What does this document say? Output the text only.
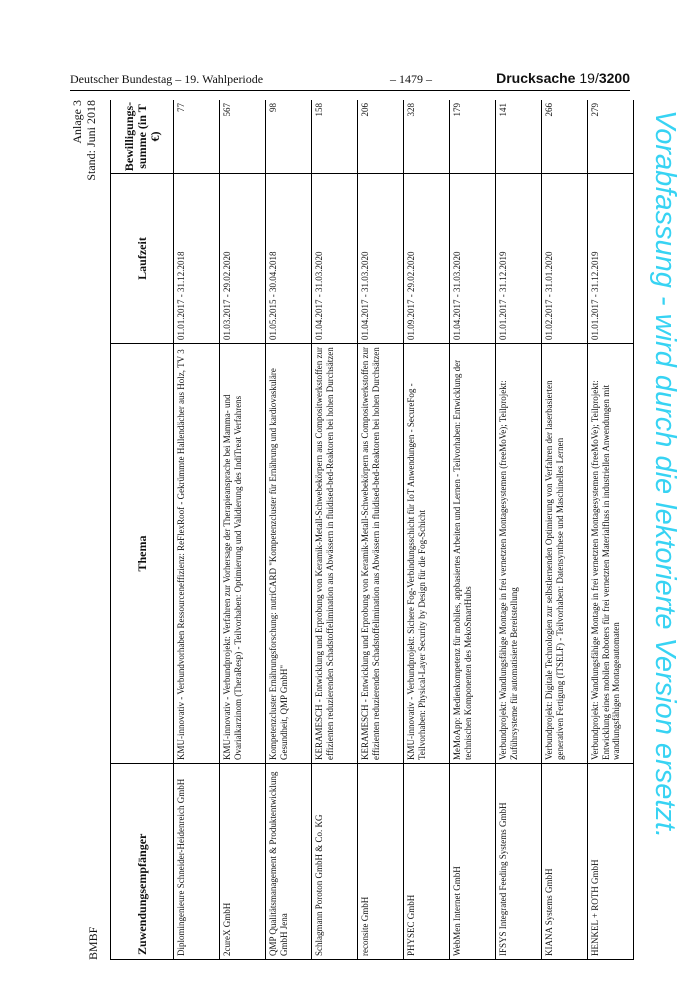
Deutscher Bundestag – 19. Wahlperiode	– 1479 –	Drucksache 19/3200
Anlage 3 Stand: Juni 2018
BMBF	Zuwendungsempfänger	Thema	Laufzeit	Bewilligungs-summe (in T €)
Diplomingenieure Schneider-Heidenreich GmbH	KMU-innovativ - Verbundvorhaben Ressourceneffizienz: ReFlexRoof - Gekrümmte Hallendächer aus Holz, TV 3	01.01.2017 - 31.12.2018	77
2cureX GmbH	KMU-innovativ - Verbundprojekt: Verfahren zur Vorhersage der Therapieansprache bei Mamma- und Ovarialkarzinom (TheraResp) - Teilvorhaben: Optimierung und Validierung des IndiTreat Verfahrens	01.03.2017 - 29.02.2020	567
QMP Qualitätsmanagement & Produktentwicklung GmbH Jena	Kompetenzcluster Ernährungsforschung: nutriCARD "Kompetenzcluster für Ernährung und kardiovaskuläre Gesundheit, QMP GmbH"	01.05.2015 - 30.04.2018	98
Schlagmann Poroton GmbH & Co. KG	KERAMESCH - Entwicklung und Erprobung von Keramik-Metall-Schwebekörpern aus Compositwerkstoffen zur effizienten reduzierenden Schadstoffelimination aus Abwässern in fluidised-bed-Reaktoren bei hohen Durchsätzen	01.04.2017 - 31.03.2020	158
reconsite GmbH	KERAMESCH - Entwicklung und Erprobung von Keramik-Metall-Schwebekörpern aus Compositwerkstoffen zur effizienten reduzierenden Schadstoffelimination aus Abwässern in fluidised-bed-Reaktoren bei hohen Durchsätzen	01.04.2017 - 31.03.2020	206
PHYSEC GmbH	KMU-innovativ - Verbundprojekt: Sichere Fog-Verbindungsschicht für IoT Anwendungen - SecureFog -Teilvorhaben: Physical-Layer Security by Design für die Fog-Schicht	01.09.2017 - 29.02.2020	328
WebMen Internet GmbH	MeMoApp: Medienkompetenz für mobiles, appbasiertes Arbeiten und Lernen - Teilvorhaben: Entwicklung der technischen Komponenten des MekoSmartHubs	01.04.2017 - 31.03.2020	179
IFSYS Integrated Feeding Systems GmbH	Verbundprojekt: Wandlungsfähige Montage in frei vernetzten Montagesystemen (freeMoVe); Teilprojekt: Zuführsysteme für automatisierte Bereitstellung	01.01.2017 - 31.12.2019	141
KIANA Systems GmbH	Verbundprojekt: Digitale Technologien zur selbstlernenden Optimierung von Verfahren der laserbasierten generativen Fertigung (ITSELF) - Teilvorhaben: Datensynthese und Maschinelles Lernen	01.02.2017 - 31.01.2020	266
HENKEL + ROTH GmbH	Verbundprojekt: Wandlungsfähige Montage in frei vernetzten Montagesystemen (freeMoVe); Teilprojekt: Entwicklung eines mobilen Roboters für frei vernetzten Materialfluss in industriellen Anwendungen mit wandlungsfähigen Montageautomaten	01.01.2017 - 31.12.2019	279
Vorabfassung - wird durch die lektorierte Version ersetzt.
